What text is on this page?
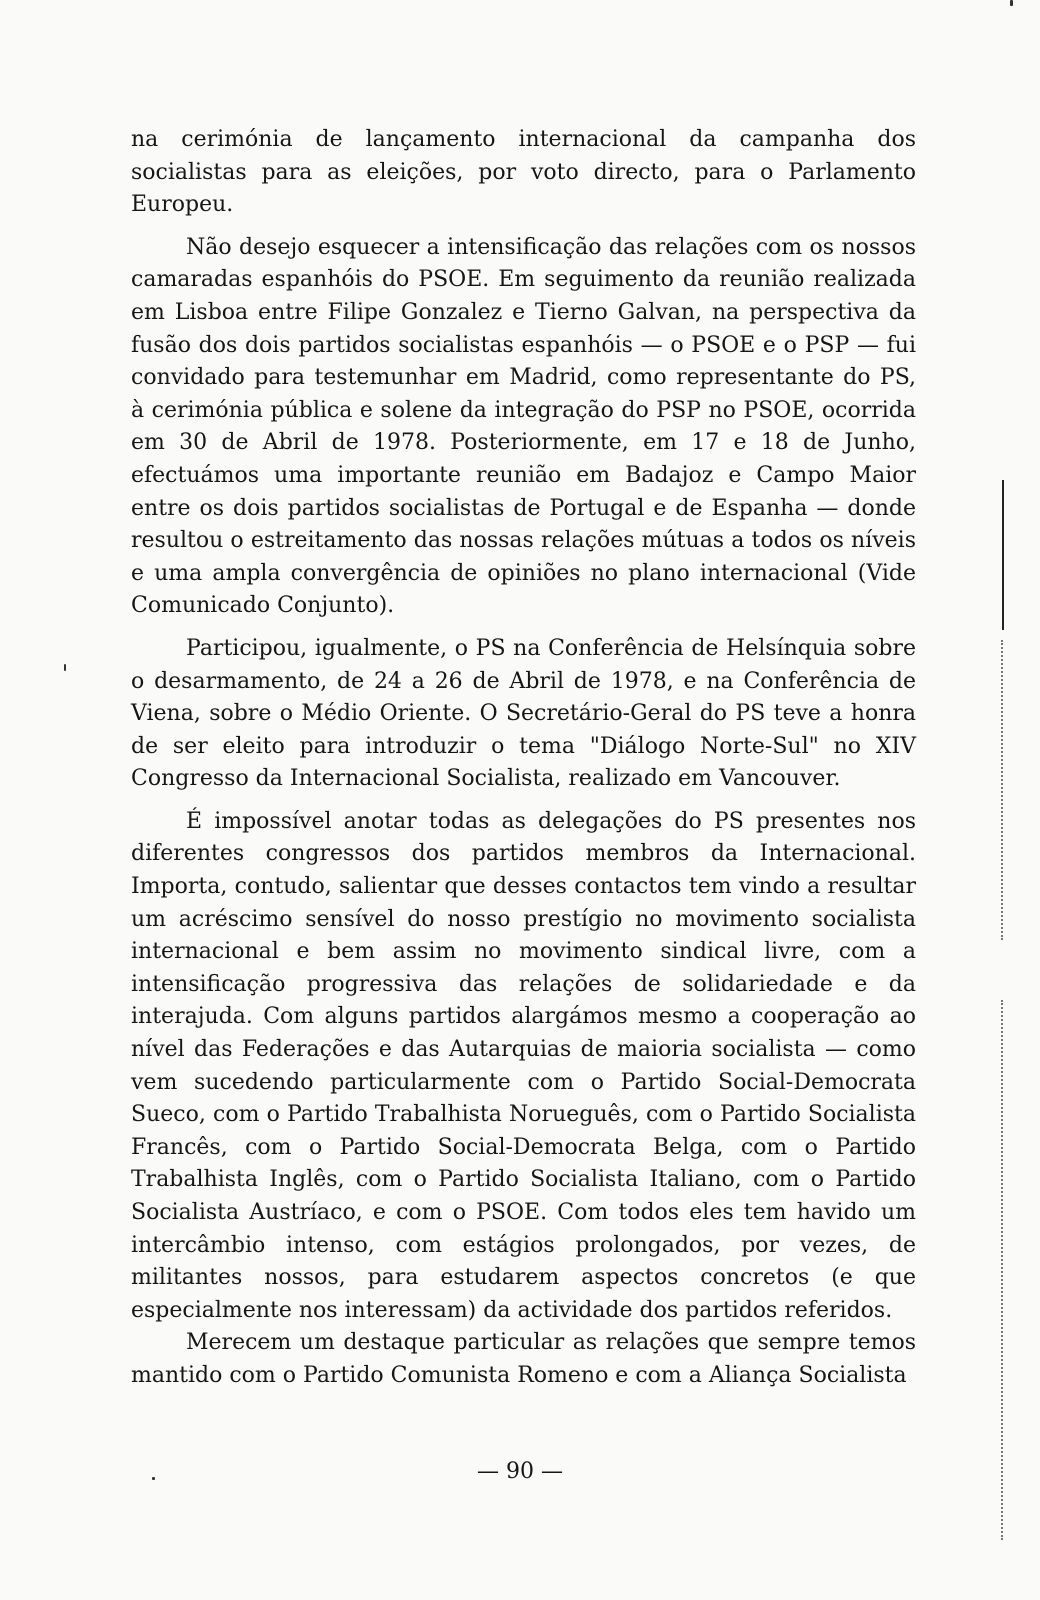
na cerimónia de lançamento internacional da campanha dos socialistas para as eleições, por voto directo, para o Parlamento Europeu.

Não desejo esquecer a intensificação das relações com os nossos camaradas espanhóis do PSOE. Em seguimento da reunião realizada em Lisboa entre Filipe Gonzalez e Tierno Galvan, na perspectiva da fusão dos dois partidos socialistas espanhóis — o PSOE e o PSP — fui convidado para testemunhar em Madrid, como representante do PS, à cerimónia pública e solene da integração do PSP no PSOE, ocorrida em 30 de Abril de 1978. Posteriormente, em 17 e 18 de Junho, efectuámos uma importante reunião em Badajoz e Campo Maior entre os dois partidos socialistas de Portugal e de Espanha — donde resultou o estreitamento das nossas relações mútuas a todos os níveis e uma ampla convergência de opiniões no plano internacional (Vide Comunicado Conjunto).

Participou, igualmente, o PS na Conferência de Helsínquia sobre o desarmamento, de 24 a 26 de Abril de 1978, e na Conferência de Viena, sobre o Médio Oriente. O Secretário-Geral do PS teve a honra de ser eleito para introduzir o tema "Diálogo Norte-Sul" no XIV Congresso da Internacional Socialista, realizado em Vancouver.

É impossível anotar todas as delegações do PS presentes nos diferentes congressos dos partidos membros da Internacional. Importa, contudo, salientar que desses contactos tem vindo a resultar um acréscimo sensível do nosso prestígio no movimento socialista internacional e bem assim no movimento sindical livre, com a intensificação progressiva das relações de solidariedade e da interajuda. Com alguns partidos alargámos mesmo a cooperação ao nível das Federações e das Autarquias de maioria socialista — como vem sucedendo particularmente com o Partido Social-Democrata Sueco, com o Partido Trabalhista Norueguês, com o Partido Socialista Francês, com o Partido Social-Democrata Belga, com o Partido Trabalhista Inglês, com o Partido Socialista Italiano, com o Partido Socialista Austríaco, e com o PSOE. Com todos eles tem havido um intercâmbio intenso, com estágios prolongados, por vezes, de militantes nossos, para estudarem aspectos concretos (e que especialmente nos interessam) da actividade dos partidos referidos.

Merecem um destaque particular as relações que sempre temos mantido com o Partido Comunista Romeno e com a Aliança Socialista

— 90 —
